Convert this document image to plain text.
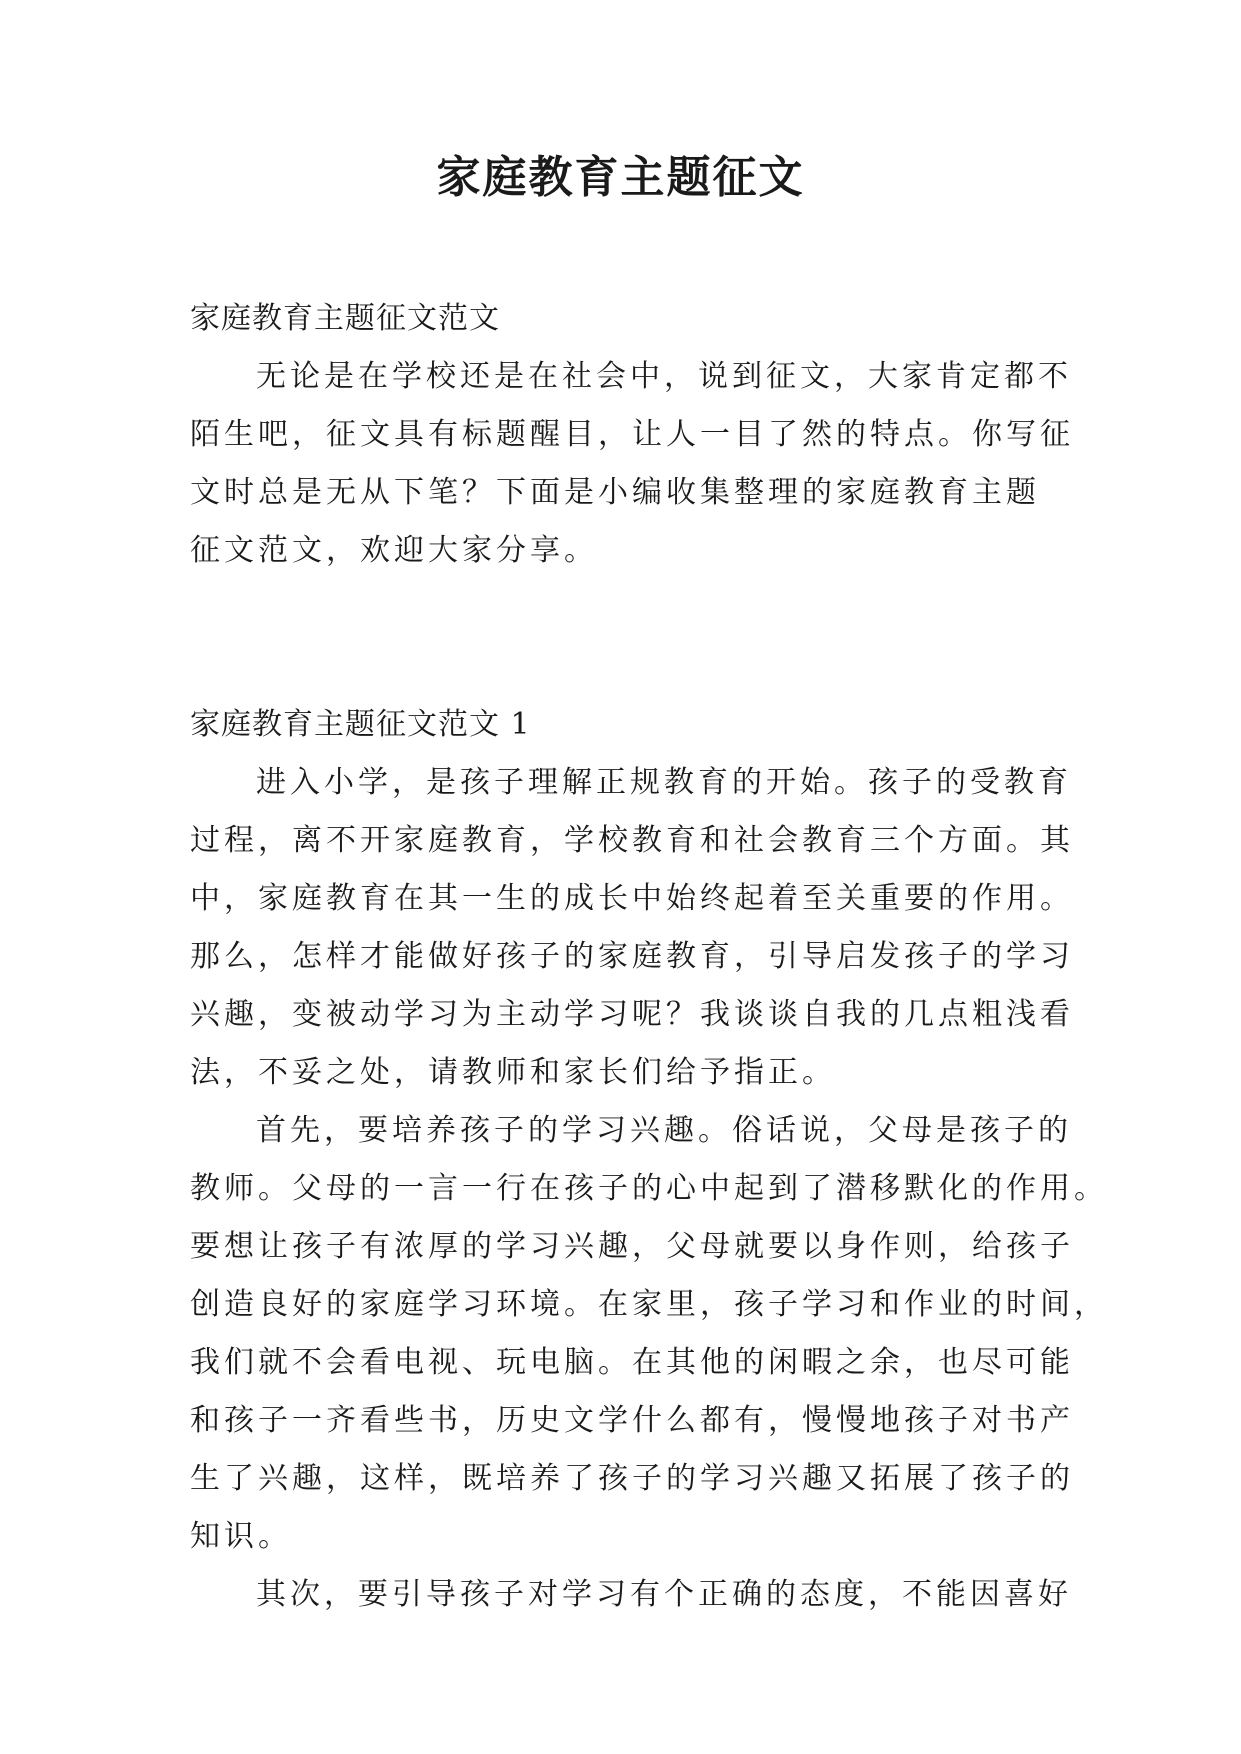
家庭教育主题征文

家庭教育主题征文范文

无论是在学校还是在社会中，说到征文，大家肯定都不

陌生吧，征文具有标题醒目，让人一目了然的特点。你写征

文时总是无从下笔？下面是小编收集整理的家庭教育主题

征文范文，欢迎大家分享。

家庭教育主题征文范文 1

进入小学，是孩子理解正规教育的开始。孩子的受教育

过程，离不开家庭教育，学校教育和社会教育三个方面。其

中，家庭教育在其一生的成长中始终起着至关重要的作用。

那么，怎样才能做好孩子的家庭教育，引导启发孩子的学习

兴趣，变被动学习为主动学习呢？我谈谈自我的几点粗浅看

法，不妥之处，请教师和家长们给予指正。

首先，要培养孩子的学习兴趣。俗话说，父母是孩子的

教师。父母的一言一行在孩子的心中起到了潜移默化的作用。

要想让孩子有浓厚的学习兴趣，父母就要以身作则，给孩子

创造良好的家庭学习环境。在家里，孩子学习和作业的时间，

我们就不会看电视、玩电脑。在其他的闲暇之余，也尽可能

和孩子一齐看些书，历史文学什么都有，慢慢地孩子对书产

生了兴趣，这样，既培养了孩子的学习兴趣又拓展了孩子的

知识。

其次，要引导孩子对学习有个正确的态度，不能因喜好
